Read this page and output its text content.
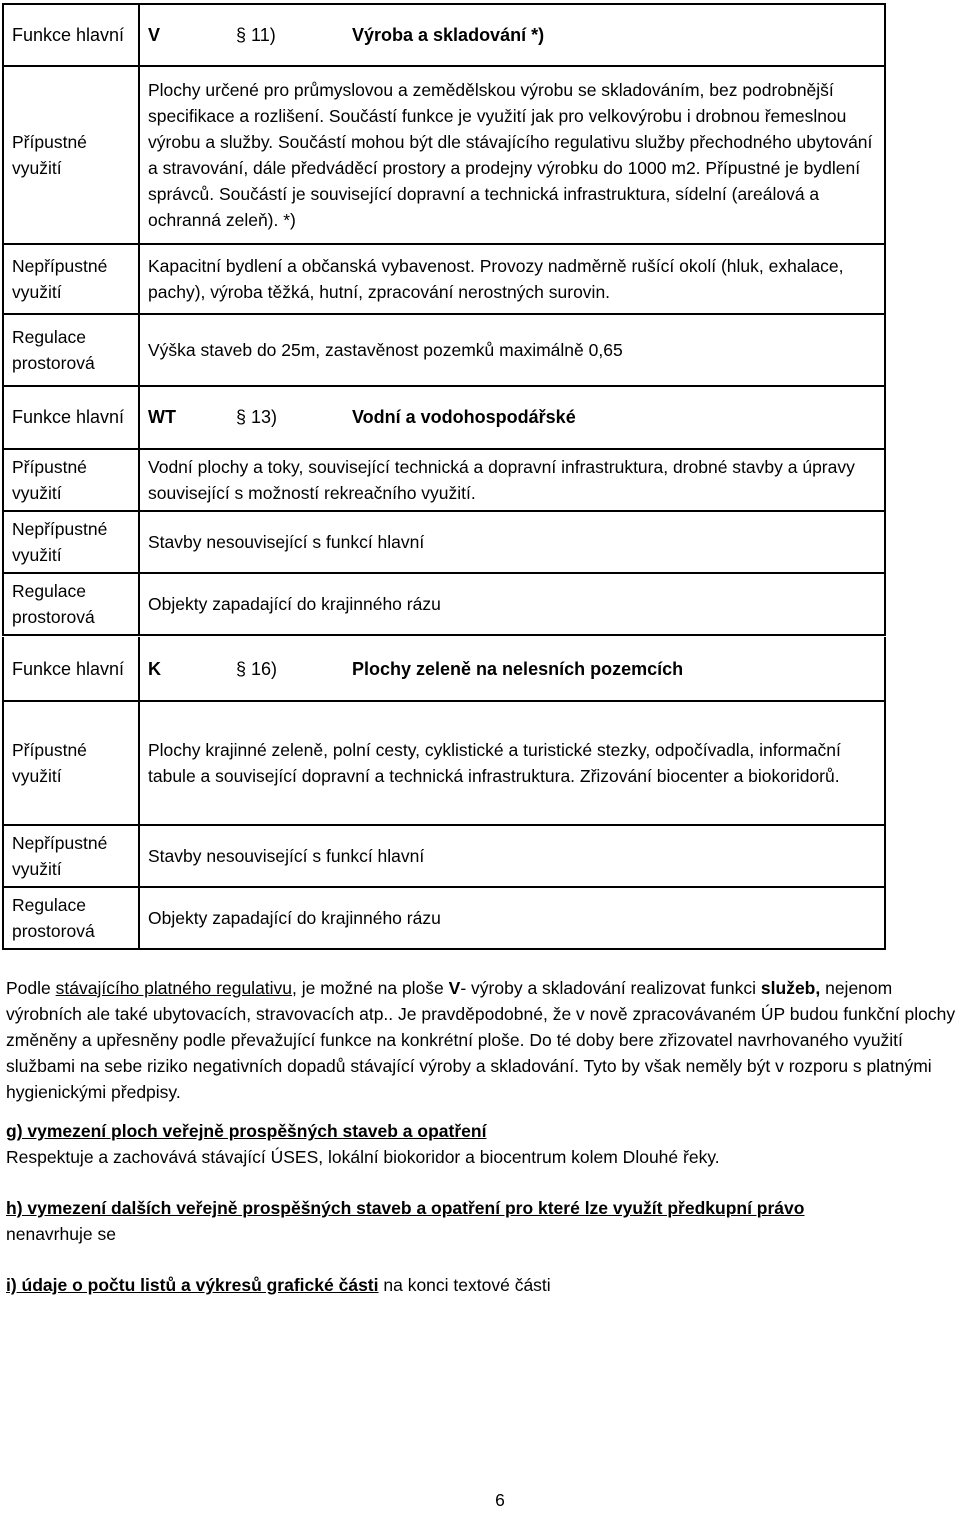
Funkce hlavní	V	§ 11)	Výroba a skladování *)
Přípustné využití	Plochy určené pro průmyslovou a zemědělskou výrobu se skladováním, bez podrobnější specifikace a rozlišení. Součástí funkce je využití jak pro velkovýrobu i drobnou řemeslnou výrobu a služby. Součástí mohou být dle stávajícího regulativu služby přechodného ubytování a stravování, dále předváděcí prostory a prodejny výrobku do 1000 m2. Přípustné je bydlení správců. Součástí je související dopravní a technická infrastruktura, sídelní (areálová a ochranná zeleň). *)		
Nepřípustné využití	Kapacitní bydlení a občanská vybavenost. Provozy nadměrně rušící okolí (hluk, exhalace, pachy), výroba těžká, hutní, zpracování nerostných surovin.		
Regulace prostorová	Výška staveb do 25m, zastavěnost pozemků maximálně 0,65		
Funkce hlavní	WT	§ 13)	Vodní a vodohospodářské
Přípustné využití	Vodní plochy a toky, související technická a dopravní infrastruktura, drobné stavby a úpravy související s možností rekreačního využití.		
Nepřípustné využití	Stavby nesouvisející s funkcí hlavní		
Regulace prostorová	Objekty zapadající do krajinného rázu		
Funkce hlavní	K	§ 16)	Plochy zeleně na nelesních pozemcích
Přípustné využití	Plochy krajinné zeleně, polní cesty, cyklistické a turistické stezky, odpočívadla, informační tabule a související dopravní a technická infrastruktura. Zřizování biocenter a biokoridorů.		
Nepřípustné využití	Stavby nesouvisející s funkcí hlavní		
Regulace prostorová	Objekty zapadající do krajinného rázu		

Podle stávajícího platného regulativu, je možné na ploše V- výroby a skladování realizovat funkci služeb, nejenom výrobních ale také ubytovacích, stravovacích atp.. Je pravděpodobné, že v nově zpracovávaném ÚP budou funkční plochy změněny a upřesněny podle převažující funkce na konkrétní ploše. Do té doby bere zřizovatel navrhovaného využití službami na sebe riziko negativních dopadů stávající výroby a skladování. Tyto by však neměly být v rozporu s platnými hygienickými předpisy.

g) vymezení ploch veřejně prospěšných staveb a opatření

Respektuje a zachovává stávající ÚSES, lokální biokoridor a biocentrum kolem Dlouhé řeky.

h) vymezení dalších veřejně prospěšných staveb a opatření pro které lze využít předkupní právo

nenavrhuje se

i) údaje o počtu listů a výkresů grafické části na konci textové části

6
